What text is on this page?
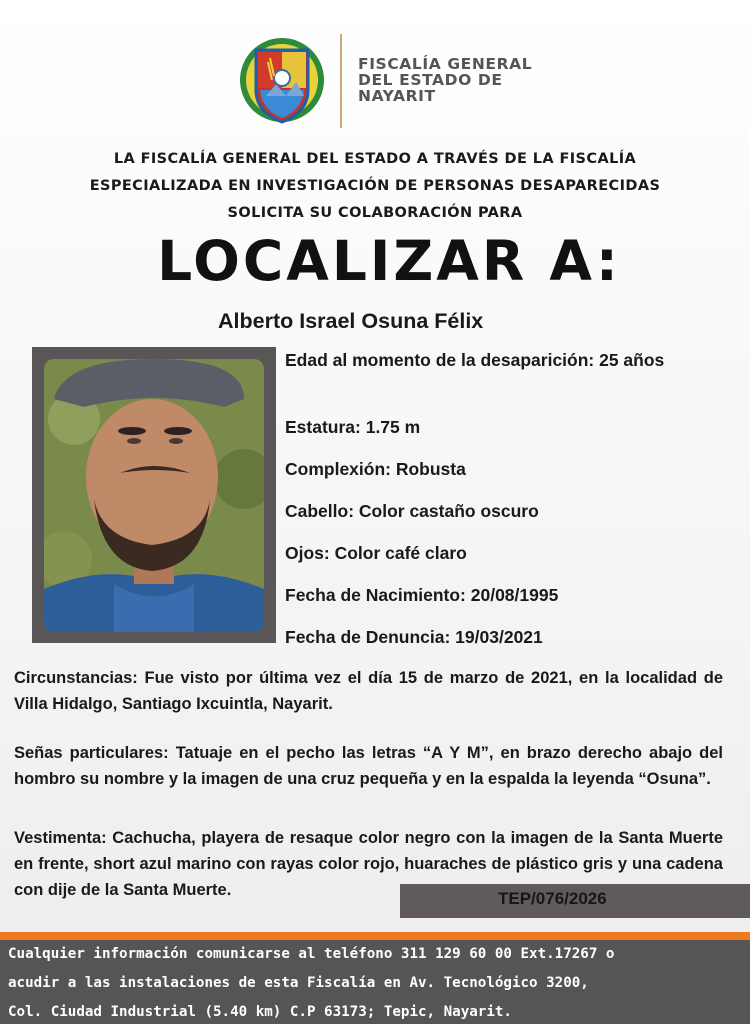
FISCALÍA GENERAL
DEL ESTADO DE
NAYARIT
LA FISCALÍA GENERAL DEL ESTADO A TRAVÉS DE LA FISCALÍA
ESPECIALIZADA EN INVESTIGACIÓN DE PERSONAS DESAPARECIDAS
SOLICITA SU COLABORACIÓN PARA
LOCALIZAR A:
Alberto Israel Osuna Félix
Edad al momento de la desaparición: 25 años
Estatura: 1.75 m
Complexión: Robusta
Cabello: Color castaño oscuro
Ojos: Color café claro
Fecha de Nacimiento: 20/08/1995
Fecha de Denuncia: 19/03/2021
Circunstancias: Fue visto por última vez el día 15 de marzo de 2021, en la localidad de Villa Hidalgo, Santiago Ixcuintla, Nayarit.
Señas particulares: Tatuaje en el pecho las letras “A Y M”, en brazo derecho abajo del hombro su nombre y la imagen de una cruz pequeña y en la espalda la leyenda “Osuna”.
Vestimenta: Cachucha, playera de resaque color negro con la imagen de la Santa Muerte en frente, short azul marino con rayas color rojo, huaraches de plástico gris y una cadena con dije de la Santa Muerte.	TEP/076/2026
Cualquier información comunicarse al teléfono 311 129 60 00 Ext.17267 o
acudir a las instalaciones de esta Fiscalía en Av. Tecnológico 3200,
Col. Ciudad Industrial (5.40 km) C.P 63173; Tepic, Nayarit.
